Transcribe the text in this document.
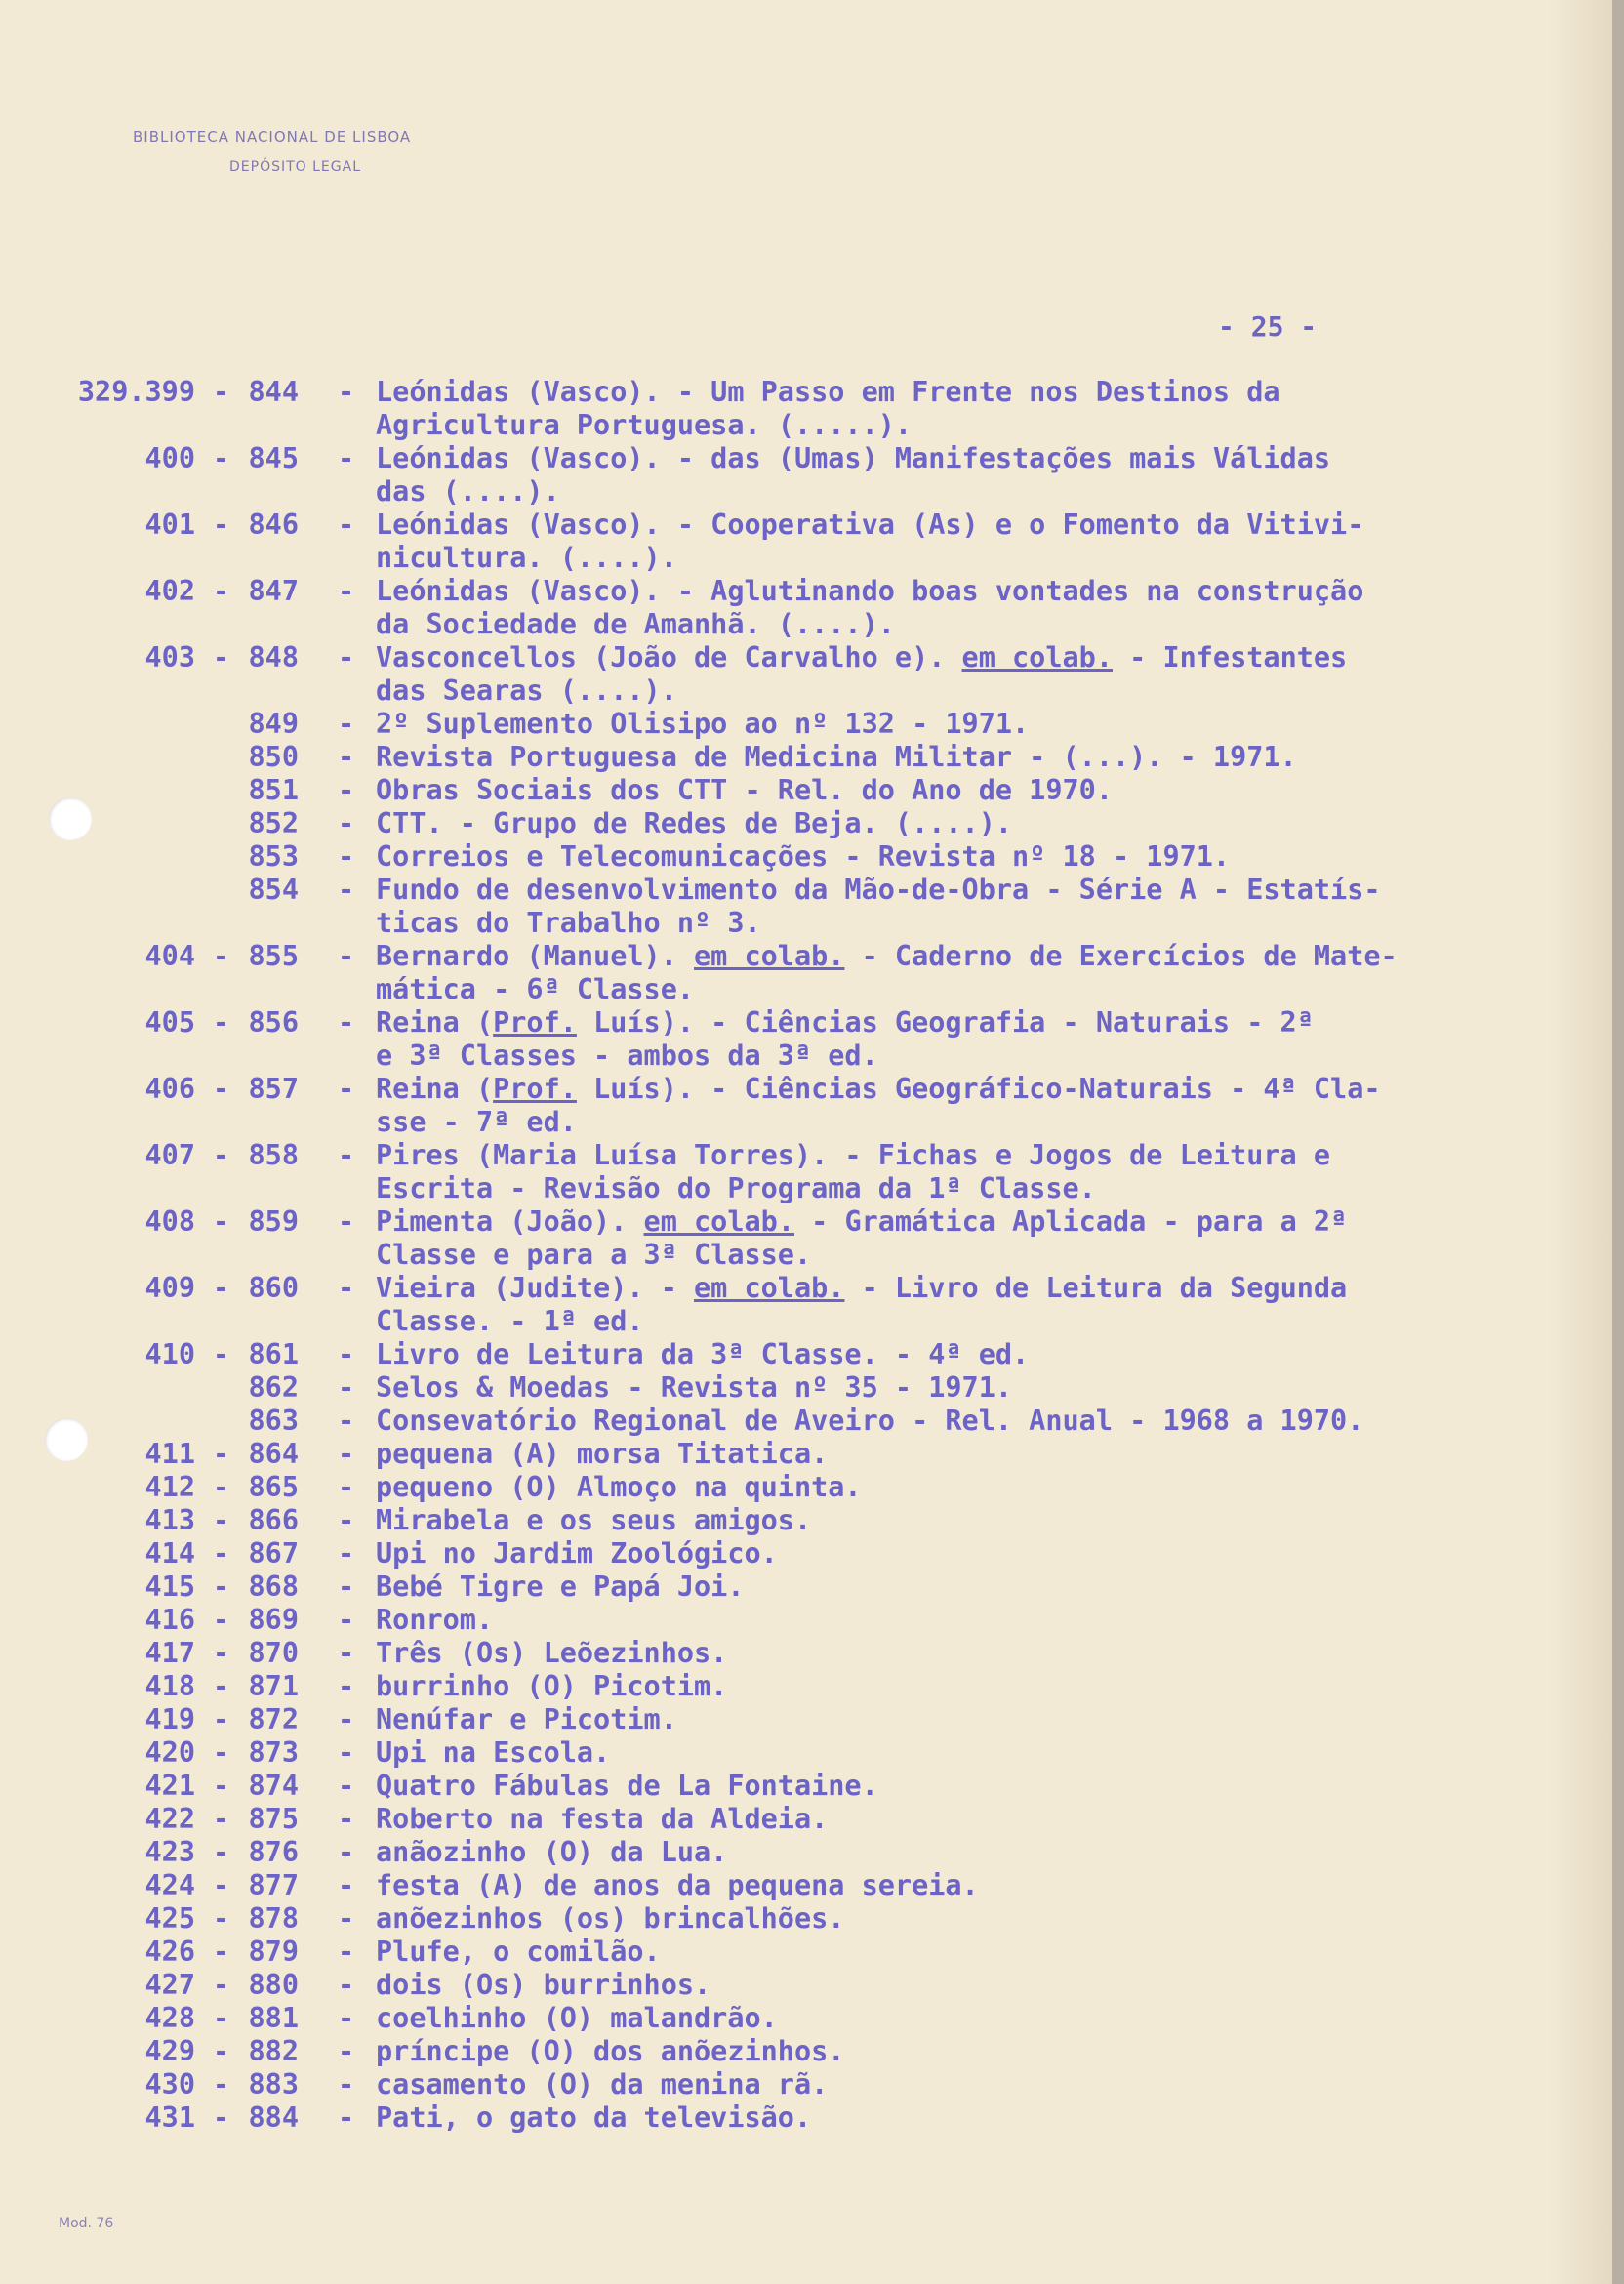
BIBLIOTECA NACIONAL DE LISBOA
DEPÓSITO LEGAL
- 25 -
329.399 - 844 - Leónidas (Vasco). - Um Passo em Frente nos Destinos da
Agricultura Portuguesa. (.....).
400 - 845 - Leónidas (Vasco). - das (Umas) Manifestações mais Válidas
das (....).
401 - 846 - Leónidas (Vasco). - Cooperativa (As) e o Fomento da Vitivi-
nicultura. (....).
402 - 847 - Leónidas (Vasco). - Aglutinando boas vontades na construção
da Sociedade de Amanhã. (....).
403 - 848 - Vasconcellos (João de Carvalho e). em colab. - Infestantes
das Searas (....).
849 - 2º Suplemento Olisipo ao nº 132 - 1971.
850 - Revista Portuguesa de Medicina Militar - (...). - 1971.
851 - Obras Sociais dos CTT - Rel. do Ano de 1970.
852 - CTT. - Grupo de Redes de Beja. (....).
853 - Correios e Telecomunicações - Revista nº 18 - 1971.
854 - Fundo de desenvolvimento da Mão-de-Obra - Série A - Estatís-
ticas do Trabalho nº 3.
404 - 855 - Bernardo (Manuel). em colab. - Caderno de Exercícios de Mate-
mática - 6ª Classe.
405 - 856 - Reina (Prof. Luís). - Ciências Geografia - Naturais - 2ª
e 3ª Classes - ambos da 3ª ed.
406 - 857 - Reina (Prof. Luís). - Ciências Geográfico-Naturais - 4ª Cla-
sse - 7ª ed.
407 - 858 - Pires (Maria Luísa Torres). - Fichas e Jogos de Leitura e
Escrita - Revisão do Programa da 1ª Classe.
408 - 859 - Pimenta (João). em colab. - Gramática Aplicada - para a 2ª
Classe e para a 3ª Classe.
409 - 860 - Vieira (Judite). - em colab. - Livro de Leitura da Segunda
Classe. - 1ª ed.
410 - 861 - Livro de Leitura da 3ª Classe. - 4ª ed.
862 - Selos & Moedas - Revista nº 35 - 1971.
863 - Consevatório Regional de Aveiro - Rel. Anual - 1968 a 1970.
411 - 864 - pequena (A) morsa Titatica.
412 - 865 - pequeno (O) Almoço na quinta.
413 - 866 - Mirabela e os seus amigos.
414 - 867 - Upi no Jardim Zoológico.
415 - 868 - Bebé Tigre e Papá Joi.
416 - 869 - Ronrom.
417 - 870 - Três (Os) Leõezinhos.
418 - 871 - burrinho (O) Picotim.
419 - 872 - Nenúfar e Picotim.
420 - 873 - Upi na Escola.
421 - 874 - Quatro Fábulas de La Fontaine.
422 - 875 - Roberto na festa da Aldeia.
423 - 876 - anãozinho (O) da Lua.
424 - 877 - festa (A) de anos da pequena sereia.
425 - 878 - anõezinhos (os) brincalhões.
426 - 879 - Plufe, o comilão.
427 - 880 - dois (Os) burrinhos.
428 - 881 - coelhinho (O) malandrão.
429 - 882 - príncipe (O) dos anõezinhos.
430 - 883 - casamento (O) da menina rã.
431 - 884 - Pati, o gato da televisão.
Mod. 76
